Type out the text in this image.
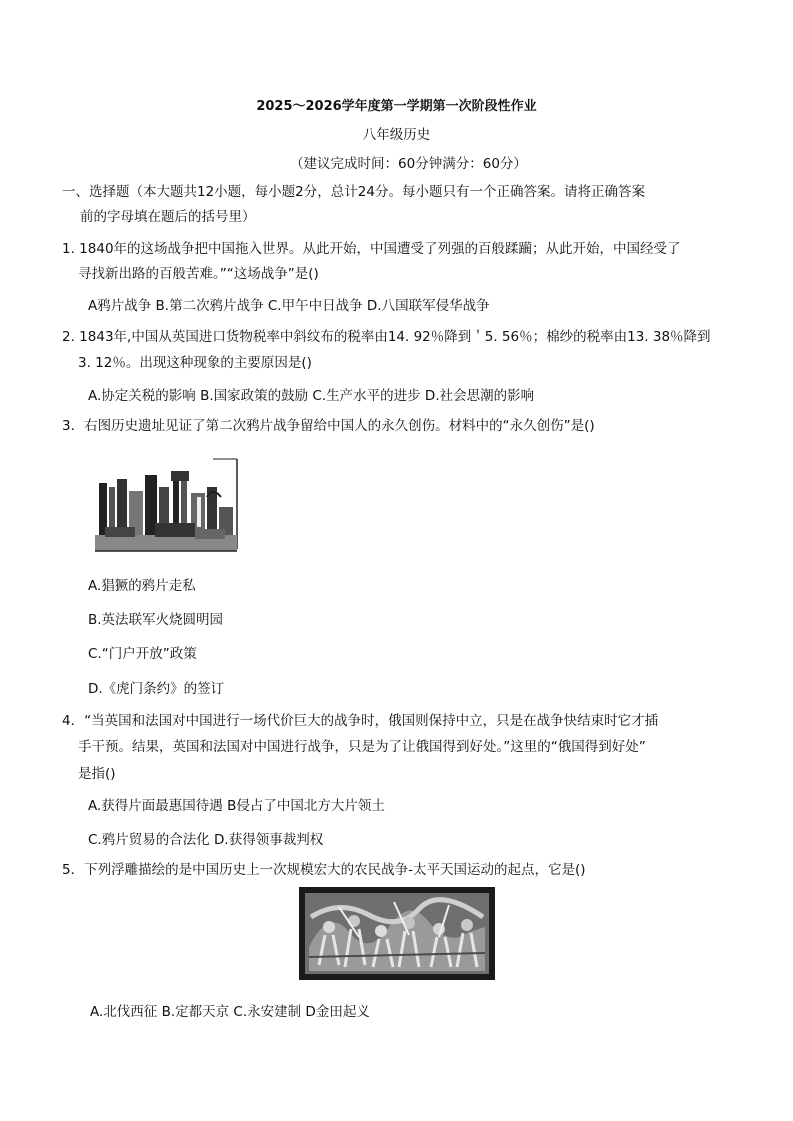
2025～2026学年度第一学期第一次阶段性作业
八年级历史
（建议完成时间：60分钟满分：60分）
一、选择题（本大题共12小题，每小题2分，总计24分。每小题只有一个正确答案。请将正确答案
前的字母填在题后的括号里）
1. 1840年的这场战争把中国拖入世界。从此开始，中国遭受了列强的百般蹂躏；从此开始，中国经受了
寻找新出路的百般苦难。”“这场战争”是()
A鸦片战争 B.第二次鸦片战争 C.甲午中日战争 D.八国联军侵华战争
2. 1843年,中国从英国进口货物税率中斜纹布的税率由14. 92％降到＇5. 56％；棉纱的税率由13. 38％降到
3. 12％。出现这种现象的主要原因是()
A.协定关税的影响 B.国家政策的鼓励 C.生产水平的进步 D.社会思潮的影响
3．右图历史遗址见证了第二次鸦片战争留给中国人的永久创伤。材料中的“永久创伤”是()
A.猖獗的鸦片走私
B.英法联军火烧圆明园
C.“门户开放”政策
D.《虎门条约》的签订
4．“当英国和法国对中国进行一场代价巨大的战争时，俄国则保持中立，只是在战争快结束时它才插
手干预。结果，英国和法国对中国进行战争，只是为了让俄国得到好处。”这里的“俄国得到好处”
是指()
A.获得片面最惠国待遇 B侵占了中国北方大片领土
C.鸦片贸易的合法化 D.获得领事裁判权
5．下列浮雕描绘的是中国历史上一次规模宏大的农民战争-太平天国运动的起点，它是()
A.北伐西征 B.定都天京 C.永安建制 D金田起义
